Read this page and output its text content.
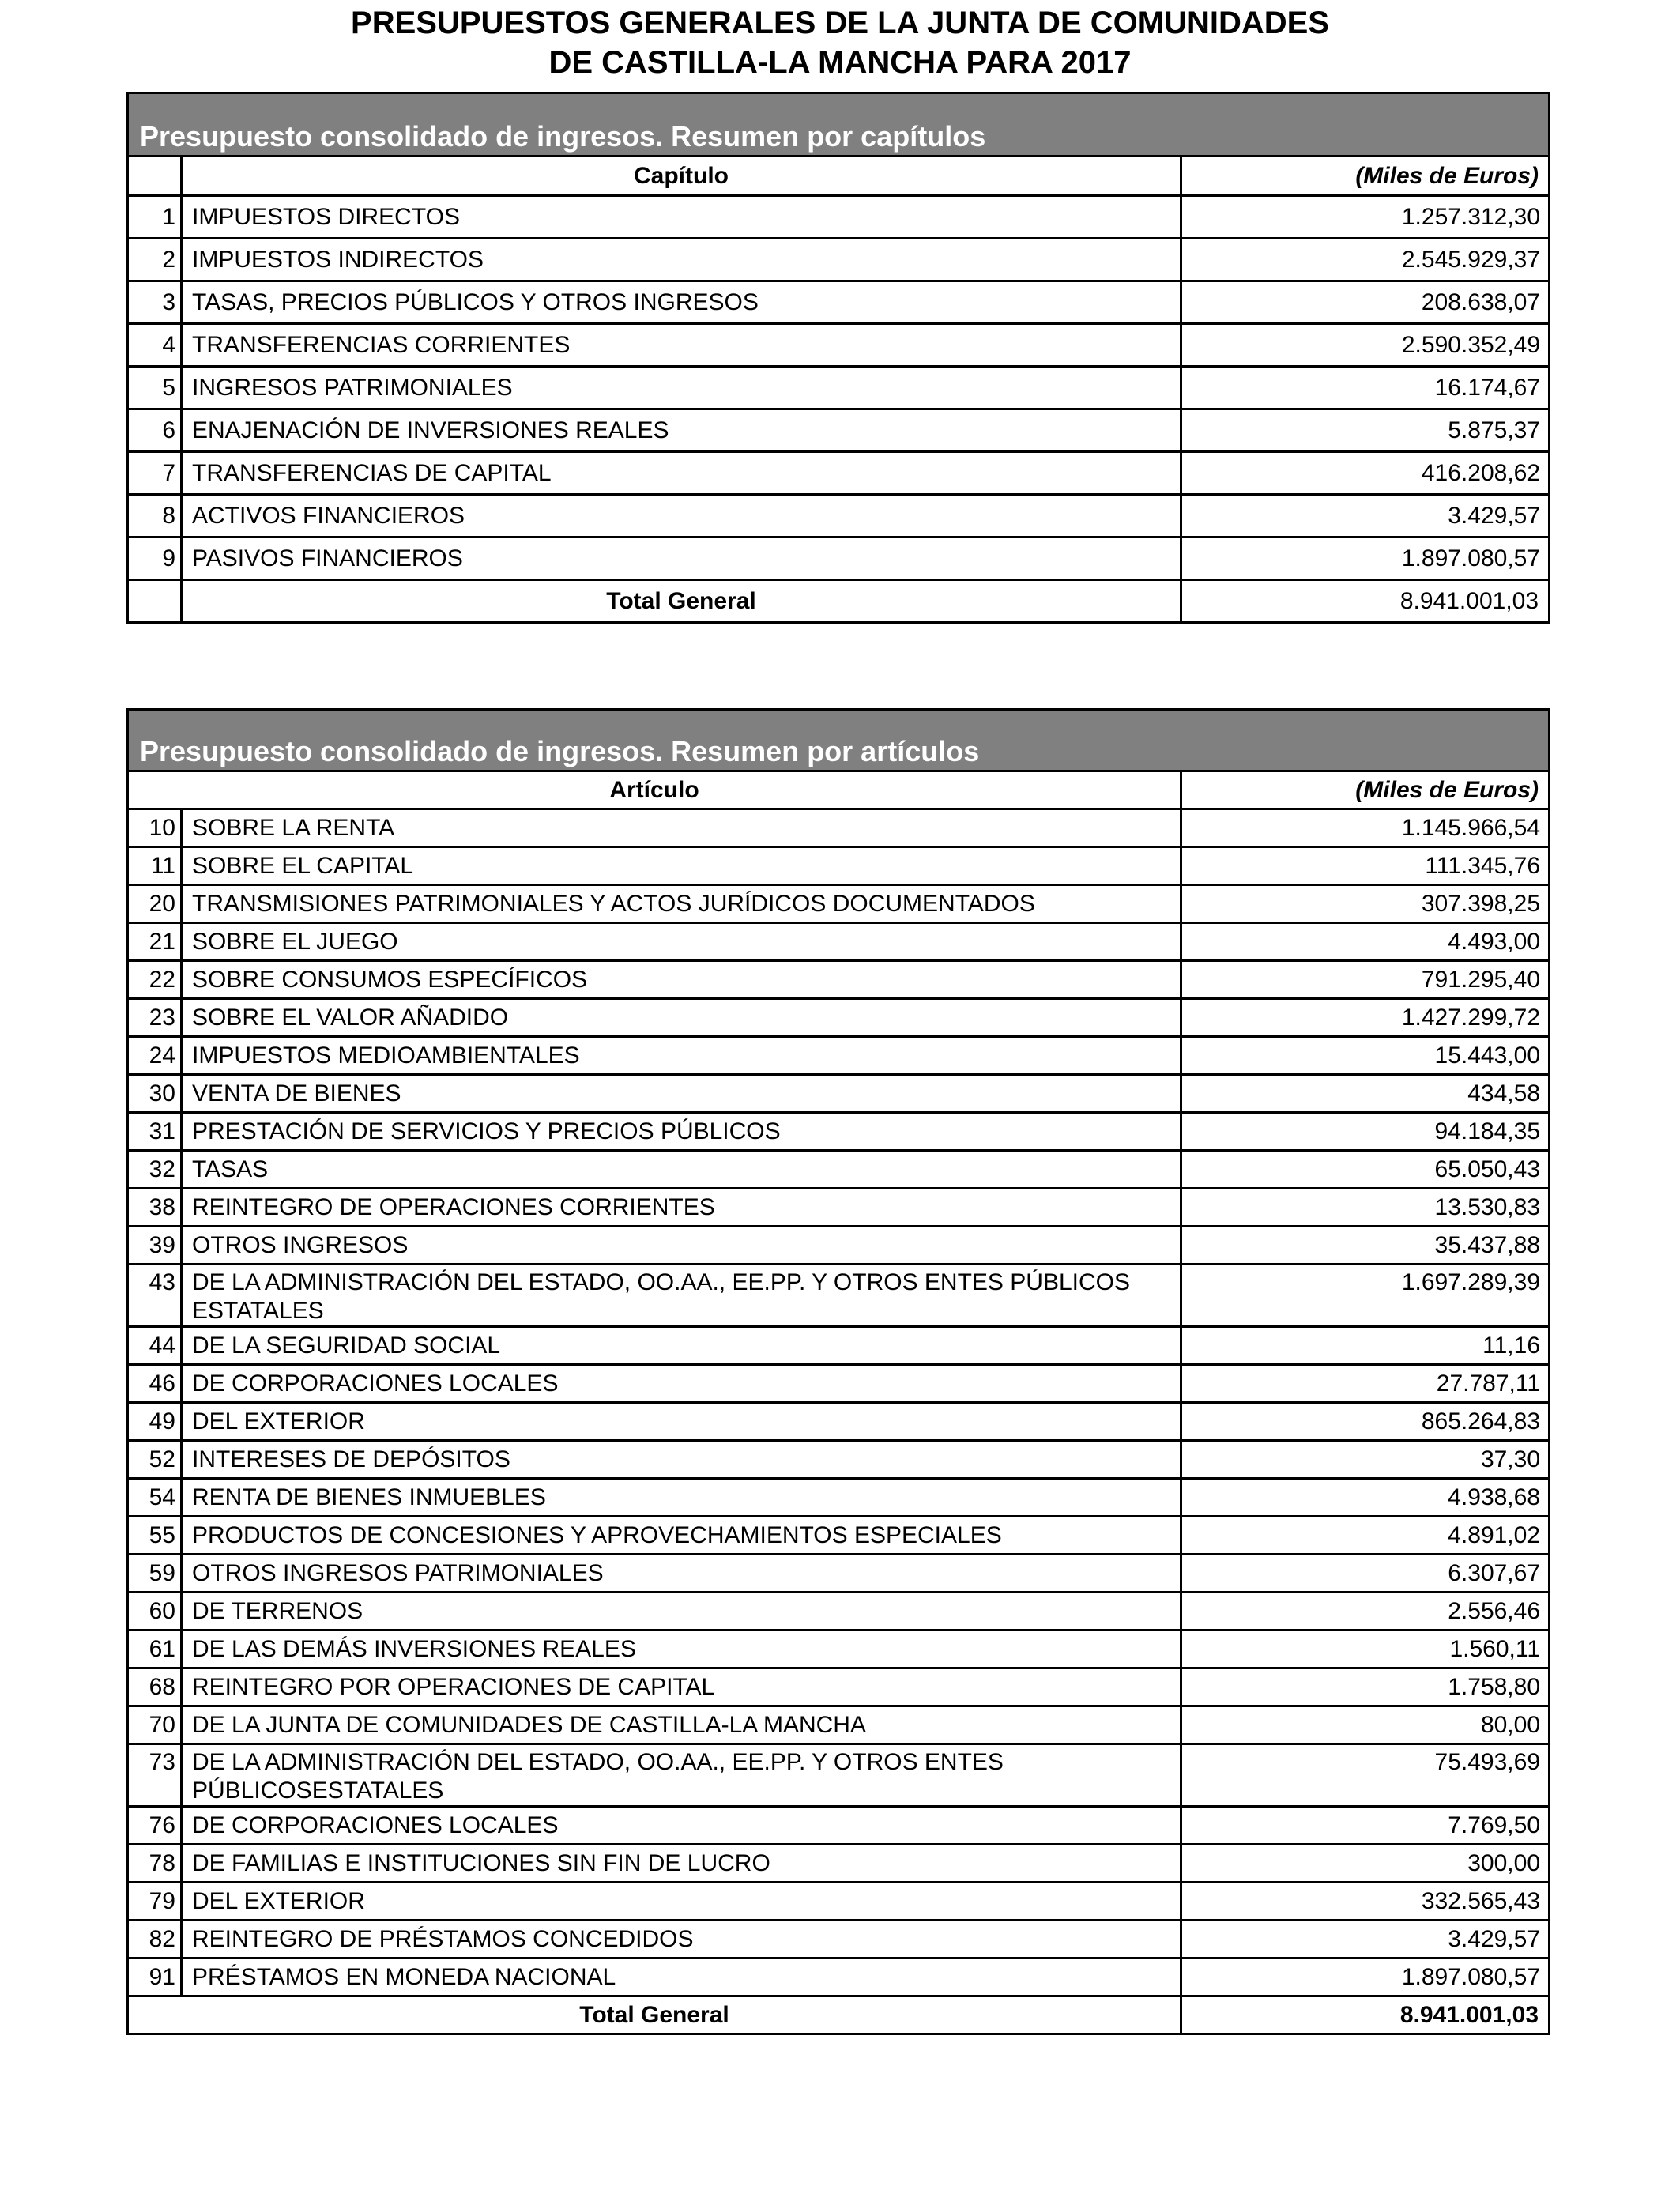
PRESUPUESTOS GENERALES DE LA JUNTA DE COMUNIDADES
DE CASTILLA-LA MANCHA PARA 2017
Presupuesto consolidado de ingresos. Resumen por capítulos		
	Capítulo	(Miles de Euros)
1	IMPUESTOS DIRECTOS	1.257.312,30
2	IMPUESTOS INDIRECTOS	2.545.929,37
3	TASAS, PRECIOS PÚBLICOS Y OTROS INGRESOS	208.638,07
4	TRANSFERENCIAS CORRIENTES	2.590.352,49
5	INGRESOS PATRIMONIALES	16.174,67
6	ENAJENACIÓN DE INVERSIONES REALES	5.875,37
7	TRANSFERENCIAS DE CAPITAL	416.208,62
8	ACTIVOS FINANCIEROS	3.429,57
9	PASIVOS FINANCIEROS	1.897.080,57
	Total General	8.941.001,03
Presupuesto consolidado de ingresos. Resumen por artículos		
Artículo		(Miles de Euros)
10	SOBRE LA RENTA	1.145.966,54
11	SOBRE EL CAPITAL	111.345,76
20	TRANSMISIONES PATRIMONIALES Y ACTOS JURÍDICOS DOCUMENTADOS	307.398,25
21	SOBRE EL JUEGO	4.493,00
22	SOBRE CONSUMOS ESPECÍFICOS	791.295,40
23	SOBRE EL VALOR AÑADIDO	1.427.299,72
24	IMPUESTOS MEDIOAMBIENTALES	15.443,00
30	VENTA DE BIENES	434,58
31	PRESTACIÓN DE SERVICIOS Y PRECIOS PÚBLICOS	94.184,35
32	TASAS	65.050,43
38	REINTEGRO DE OPERACIONES CORRIENTES	13.530,83
39	OTROS INGRESOS	35.437,88
43	DE LA ADMINISTRACIÓN DEL ESTADO, OO.AA., EE.PP. Y OTROS ENTES PÚBLICOS ESTATALES	1.697.289,39
44	DE LA SEGURIDAD SOCIAL	11,16
46	DE CORPORACIONES LOCALES	27.787,11
49	DEL EXTERIOR	865.264,83
52	INTERESES DE DEPÓSITOS	37,30
54	RENTA DE BIENES INMUEBLES	4.938,68
55	PRODUCTOS DE CONCESIONES Y APROVECHAMIENTOS ESPECIALES	4.891,02
59	OTROS INGRESOS PATRIMONIALES	6.307,67
60	DE TERRENOS	2.556,46
61	DE LAS DEMÁS INVERSIONES REALES	1.560,11
68	REINTEGRO POR OPERACIONES DE CAPITAL	1.758,80
70	DE LA JUNTA DE COMUNIDADES DE CASTILLA-LA MANCHA	80,00
73	DE LA ADMINISTRACIÓN DEL ESTADO, OO.AA., EE.PP. Y OTROS ENTES PÚBLICOSESTATALES	75.493,69
76	DE CORPORACIONES LOCALES	7.769,50
78	DE FAMILIAS E INSTITUCIONES SIN FIN DE LUCRO	300,00
79	DEL EXTERIOR	332.565,43
82	REINTEGRO DE PRÉSTAMOS CONCEDIDOS	3.429,57
91	PRÉSTAMOS EN MONEDA NACIONAL	1.897.080,57
Total General		8.941.001,03
